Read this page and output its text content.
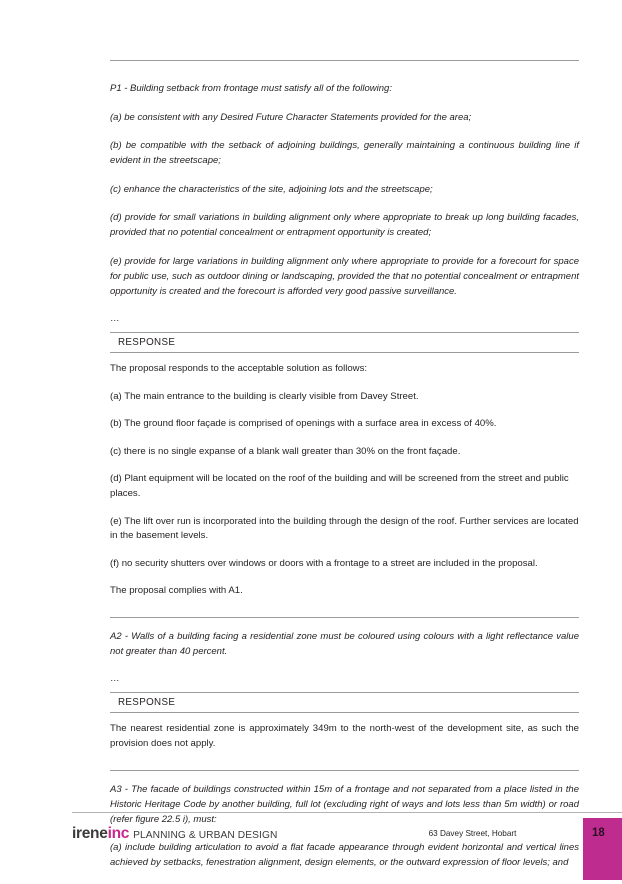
P1 - Building setback from frontage must satisfy all of the following:

(a) be consistent with any Desired Future Character Statements provided for the area;

(b) be compatible with the setback of adjoining buildings, generally maintaining a continuous building line if evident in the streetscape;

(c) enhance the characteristics of the site, adjoining lots and the streetscape;

(d) provide for small variations in building alignment only where appropriate to break up long building facades, provided that no potential concealment or entrapment opportunity is created;

(e) provide for large variations in building alignment only where appropriate to provide for a forecourt for space for public use, such as outdoor dining or landscaping, provided the that no potential concealment or entrapment opportunity is created and the forecourt is afforded very good passive surveillance.

…
RESPONSE

The proposal responds to the acceptable solution as follows:

(a) The main entrance to the building is clearly visible from Davey Street.

(b) The ground floor façade is comprised of openings with a surface area in excess of 40%.

(c) there is no single expanse of a blank wall greater than 30% on the front façade.

(d) Plant equipment will be located on the roof of the building and will be screened from the street and public places.

(e) The lift over run is incorporated into the building through the design of the roof. Further services are located in the basement levels.

(f) no security shutters over windows or doors with a frontage to a street are included in the proposal.

The proposal complies with A1.

A2 - Walls of a building facing a residential zone must be coloured using colours with a light reflectance value not greater than 40 percent.

…
RESPONSE

The nearest residential zone is approximately 349m to the north-west of the development site, as such the provision does not apply.

A3 - The facade of buildings constructed within 15m of a frontage and not separated from a place listed in the Historic Heritage Code by another building, full lot (excluding right of ways and lots less than 5m width) or road (refer figure 22.5 i), must:

(a) include building articulation to avoid a flat facade appearance through evident horizontal and vertical lines achieved by setbacks, fenestration alignment, design elements, or the outward expression of floor levels; and

ireneinc PLANNING & URBAN DESIGN	63 Davey Street, Hobart	18
